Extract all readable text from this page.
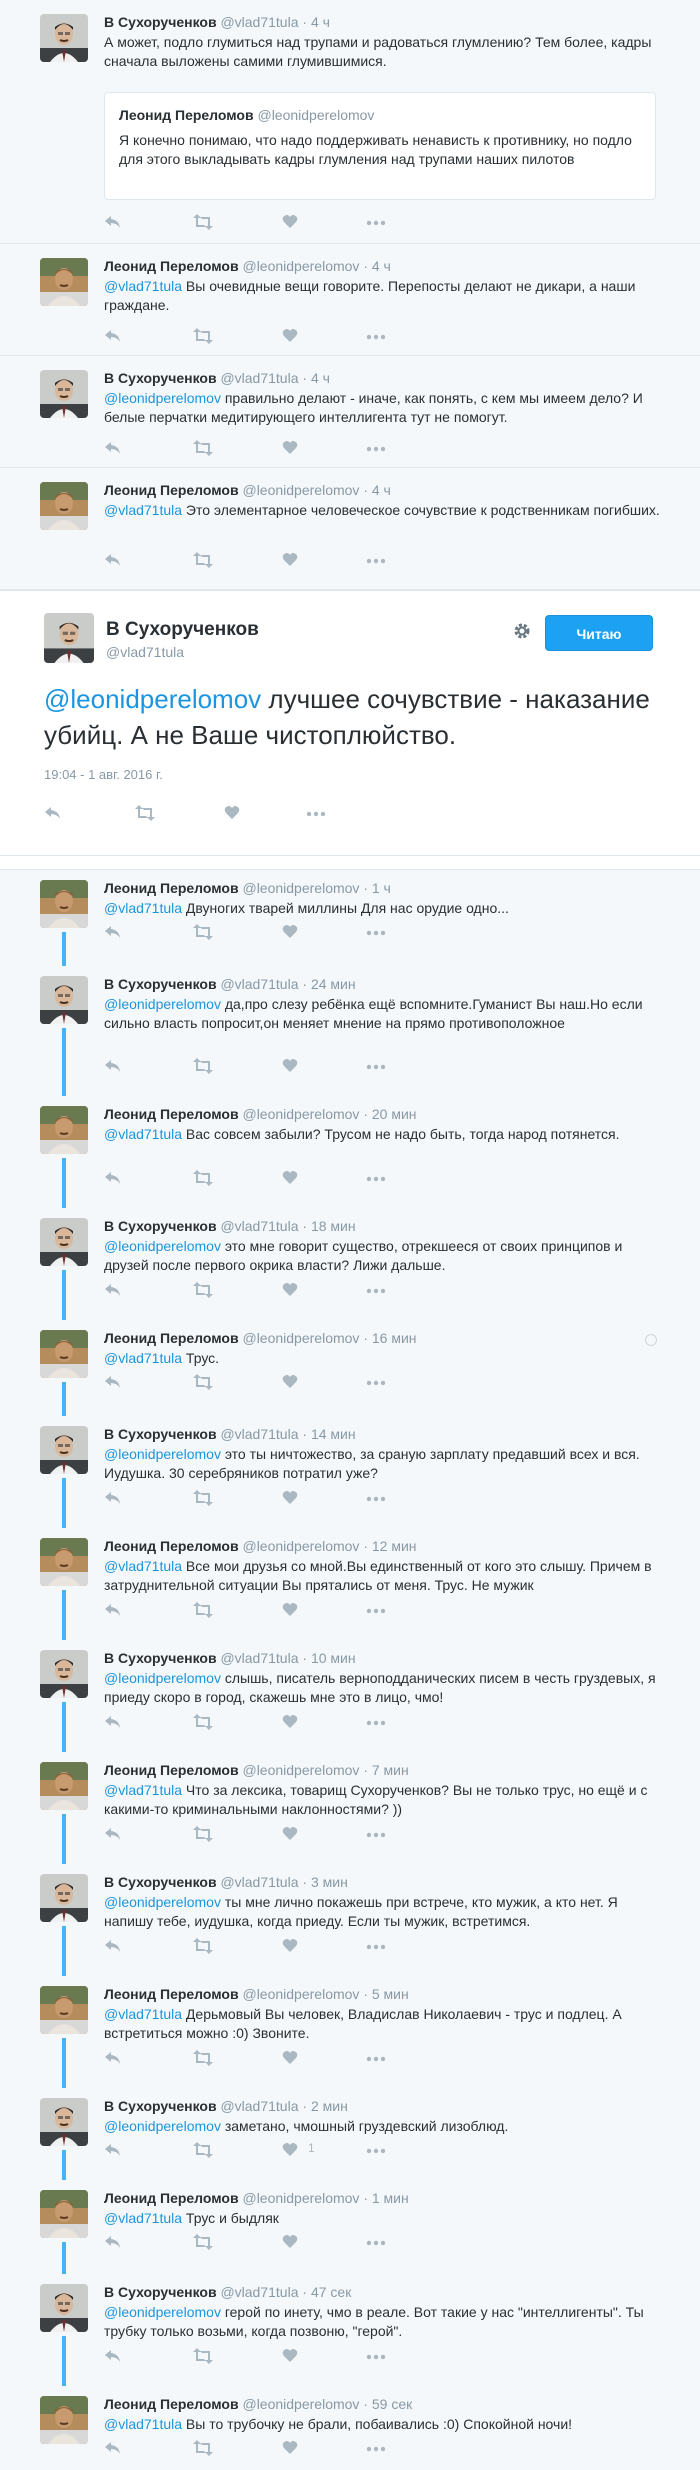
В Сухорученков @vlad71tula · 4 ч
А может, подло глумиться над трупами и радоваться глумлению? Тем более, кадры сначала выложены самими глумившимися.
Леонид Переломов @leonidperelomov
Я конечно понимаю, что надо поддерживать ненависть к противнику, но подло для этого выкладывать кадры глумления над трупами наших пилотов
Леонид Переломов @leonidperelomov · 4 ч
@vlad71tula Вы очевидные вещи говорите. Перепосты делают не дикари, а наши граждане.
В Сухорученков @vlad71tula · 4 ч
@leonidperelomov правильно делают - иначе, как понять, с кем мы имеем дело? И белые перчатки медитирующего интеллигента тут не помогут.
Леонид Переломов @leonidperelomov · 4 ч
@vlad71tula Это элементарное человеческое сочувствие к родственникам погибших.
В Сухорученков
@vlad71tula
Читаю
@leonidperelomov лучшее сочувствие - наказание убийц. А не Ваше чистоплюйство.
19:04 - 1 авг. 2016 г.
Леонид Переломов @leonidperelomov · 1 ч
@vlad71tula Двуногих тварей миллины Для нас орудие одно...
В Сухорученков @vlad71tula · 24 мин
@leonidperelomov да,про слезу ребёнка ещё вспомните.Гуманист Вы наш.Но если сильно власть попросит,он меняет мнение на прямо противоположное
Леонид Переломов @leonidperelomov · 20 мин
@vlad71tula Вас совсем забыли? Трусом не надо быть, тогда народ потянется.
В Сухорученков @vlad71tula · 18 мин
@leonidperelomov это мне говорит существо, отрекшееся от своих принципов и друзей после первого окрика власти? Лижи дальше.
Леонид Переломов @leonidperelomov · 16 мин
@vlad71tula Трус.
В Сухорученков @vlad71tula · 14 мин
@leonidperelomov это ты ничтожество, за сраную зарплату предавший всех и вся. Иудушка. 30 серебряников потратил уже?
Леонид Переломов @leonidperelomov · 12 мин
@vlad71tula Все мои друзья со мной.Вы единственный от кого это слышу. Причем в затруднительной ситуации Вы прятались от меня. Трус. Не мужик
В Сухорученков @vlad71tula · 10 мин
@leonidperelomov слышь, писатель верноподданических писем в честь груздевых, я приеду скоро в город, скажешь мне это в лицо, чмо!
Леонид Переломов @leonidperelomov · 7 мин
@vlad71tula Что за лексика, товарищ Сухорученков? Вы не только трус, но ещё и с какими-то криминальными наклонностями? ))
В Сухорученков @vlad71tula · 3 мин
@leonidperelomov ты мне лично покажешь при встрече, кто мужик, а кто нет. Я напишу тебе, иудушка, когда приеду. Если ты мужик, встретимся.
Леонид Переломов @leonidperelomov · 5 мин
@vlad71tula Дерьмовый Вы человек, Владислав Николаевич - трус и подлец. А встретиться можно :0) Звоните.
В Сухорученков @vlad71tula · 2 мин
@leonidperelomov заметано, чмошный груздевский лизоблюд.
1
Леонид Переломов @leonidperelomov · 1 мин
@vlad71tula Трус и быдляк
В Сухорученков @vlad71tula · 47 сек
@leonidperelomov герой по инету, чмо в реале. Вот такие у нас "интеллигенты". Ты трубку только возьми, когда позвоню, "герой".
Леонид Переломов @leonidperelomov · 59 сек
@vlad71tula Вы то трубочку не брали, побаивались :0) Спокойной ночи!
